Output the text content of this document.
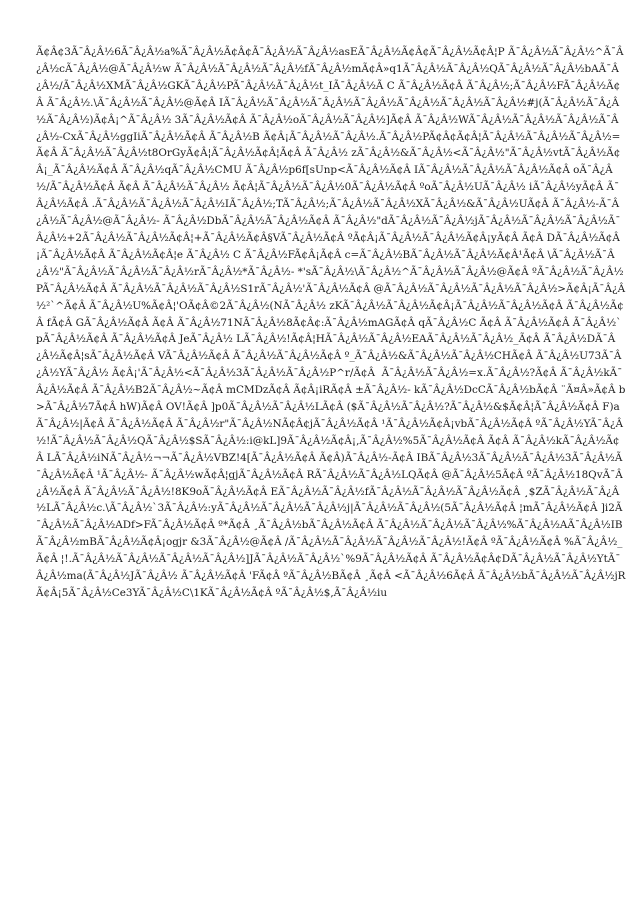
Ã¢Â¢3Ã¯Â¿Â½6Ã¯Â¿Â½a%Ã¯Â¿Â½Ã¢Â¢Ã¯Â¿Â½Ã¯Â¿Â½asEÃ¯Â¿Â½Ã¢Â¢Ã¯Â¿Â½Ã¢Â¦P Ã¯Â¿Â½Ã¯Â¿Â½^Ã¯Â¿Â½cÃ¯Â¿Â½@Ã¯Â¿Â½w Ã¯Â¿Â½Ã¯Â¿Â½Ã¯Â¿Â½fÃ¯Â¿Â½mÃ¢Â»q1Ã¯Â¿Â½Ã¯Â¿Â½QÃ¯Â¿Â½Ã¯Â¿Â½bAÃ¯Â¿Â½/Ã¯Â¿Â½XMÃ¯Â¿Â½GKÃ¯Â¿Â½PÃ¯Â¿Â½Ã¯Â¿Â½t_IÃ¯Â¿Â½Ã C Ã¯Â¿Â½Ã¢Â Ã¯Â¿Â½;Ã¯Â¿Â½FÃ¯Â¿Â½Ã¢Â Ã¯Â¿Â½.\Ã¯Â¿Â½Ã¯Â¿Â½@Ã¢Â IÃ¯Â¿Â½Ã¯Â¿Â½Ã¯Â¿Â½Ã¯Â¿Â½Ã¯Â¿Â½Ã¯Â¿Â½Ã¯Â¿Â½#j(Ã¯Â¿Â½Ã¯Â¿Â½Ã¯Â¿Â½)Ã¢Â¡^Ã¯Â¿Â½ 3Ã¯Â¿Â½Ã¢Â Ã¯Â¿Â½oÃ¯Â¿Â½Ã¯Â¿Â½]Ã¢Â Ã¯Â¿Â½WÃ¯Â¿Â½Ã¯Â¿Â½Ã¯Â¿Â½Ã¯Â¿Â½-CxÃ¯Â¿Â½ggIiÃ¯Â¿Â½Ã¢Â Ã¯Â¿Â½B Ã¢Â¡Ã¯Â¿Â½Ã¯Â¿Â½.Ã¯Â¿Â½PÃ¢Â¢Ã¢Â¦Ã¯Â¿Â½Ã¯Â¿Â½Ã¯Â¿Â½=Ã¢Â Ã¯Â¿Â½Ã¯Â¿Â½t8OrGyÃ¢Â¦Ã¯Â¿Â½Ã¢Â¦Ã¢Â Ã¯Â¿Â½ zÃ¯Â¿Â½&Ã¯Â¿Â½<Ã¯Â¿Â½"Ã¯Â¿Â½vtÃ¯Â¿Â½Ã¢Â¡_Ã¯Â¿Â½Ã¢Â Ã¯Â¿Â½qÃ¯Â¿Â½CMU Ã¯Â¿Â½p6f[sUnp<Ã¯Â¿Â½Ã¢Â IÃ¯Â¿Â½Ã¯Â¿Â½Ã¯Â¿Â½Ã¢Â oÃ¯Â¿Â½/Ã¯Â¿Â½Ã¢Â Ã¢Â Ã¯Â¿Â½Ã¯Â¿Â½ Ã¢Â¦Ã¯Â¿Â½Ã¯Â¿Â½0Ã¯Â¿Â½Ã¢Â ºoÃ¯Â¿Â½UÃ¯Â¿Â½ iÃ¯Â¿Â½yÃ¢Â Ã¯Â¿Â½Ã¢Â .Ã¯Â¿Â½Ã¯Â¿Â½Ã¯Â¿Â½IÃ¯Â¿Â½;TÃ¯Â¿Â½;Ã¯Â¿Â½Ã¯Â¿Â½XÃ¯Â¿Â½&Ã¯Â¿Â½UÃ¢Â Ã¯Â¿Â½-Ã¯Â¿Â½Ã¯Â¿Â½@Ã¯Â¿Â½- Ã¯Â¿Â½DbÃ¯Â¿Â½Ã¯Â¿Â½Ã¢Â Ã¯Â¿Â½"dÃ¯Â¿Â½Ã¯Â¿Â½jÃ¯Â¿Â½Ã¯Â¿Â½Ã¯Â¿Â½Ã¯Â¿Â½+2Ã¯Â¿Â½Ã¯Â¿Â½Ã¢Â¦+Ã¯Â¿Â½Ã¢Â§VÃ¯Â¿Â½Ã¢Â ºÃ¢Â¡Ã¯Â¿Â½Ã¯Â¿Â½Ã¢Â¡yÃ¢Â Ã¢Â DÃ¯Â¿Â½Ã¢Â¡Ã¯Â¿Â½Ã¢Â Ã¯Â¿Â½Ã¢Â¦e Ã¯Â¿Â½ C Ã¯Â¿Â½FÃ¢Â¡Ã¢Â c=Ã¯Â¿Â½BÃ¯Â¿Â½Ã¯Â¿Â½Ã¢Â¹Ã¢Â \Ã¯Â¿Â½Ã¯Â¿Â½"Ã¯Â¿Â½Ã¯Â¿Â½Ã¯Â¿Â½rÃ¯Â¿Â½*Ã¯Â¿Â½- *'sÃ¯Â¿Â½\Ã¯Â¿Â½^Ã¯Â¿Â½Ã¯Â¿Â½@Ã¢Â ºÃ¯Â¿Â½Ã¯Â¿Â½PÃ¯Â¿Â½Ã¢Â Ã¯Â¿Â½Ã¯Â¿Â½Ã¯Â¿Â½S1rÃ¯Â¿Â½'Ã¯Â¿Â½Ã¢Â @Ã¯Â¿Â½Ã¯Â¿Â½Ã¯Â¿Â½Ã¯Â¿Â½>Ã¢Â¡Ã¯Â¿Â½²`^Ã¢Â Ã¯Â¿Â½U%Ã¢Â¦'OÃ¢Â©2Ã¯Â¿Â½(NÃ¯Â¿Â½ zKÃ¯Â¿Â½Ã¯Â¿Â½Ã¢Â¡Ã¯Â¿Â½Ã¯Â¿Â½Ã¢Â Ã¯Â¿Â½Ã¢Â fÃ¢Â GÃ¯Â¿Â½Ã¢Â Ã¢Â Ã¯Â¿Â½71NÃ¯Â¿Â½8Ã¢Â¢:Ã¯Â¿Â½mAGÃ¢Â qÃ¯Â¿Â½C Ã¢Â Ã¯Â¿Â½Ã¢Â Ã¯Â¿Â½`pÃ¯Â¿Â½Ã¢Â Ã¯Â¿Â½Ã¢Â JeÃ¯Â¿Â½ LÃ¯Â¿Â½!Ã¢Â¦HÃ¯Â¿Â½Ã¯Â¿Â½EAÃ¯Â¿Â½Ã¯Â¿Â½_Ã¢Â Ã¯Â¿Â½DÃ¯Â¿Â½Ã¢Â¦sÃ¯Â¿Â½Ã¢Â VÃ¯Â¿Â½Ã¢Â Ã¯Â¿Â½Ã¯Â¿Â½Ã¢Â º_Ã¯Â¿Â½&Ã¯Â¿Â½Ã¯Â¿Â½CHÃ¢Â Ã¯Â¿Â½U73Ã¯Â¿Â½YÃ¯Â¿Â½ Ã¢Â¡'Ã¯Â¿Â½<Ã¯Â¿Â½3Ã¯Â¿Â½Ã¯Â¿Â½P^r/Ã¢Â  Ã¯Â¿Â½Ã¯Â¿Â½=x.Ã¯Â¿Â½?Ã¢Â Ã¯Â¿Â½kÃ¯Â¿Â½Ã¢Â Ã¯Â¿Â½B2Ã¯Â¿Â½~Ã¢Â mCMDzÃ¢Â Ã¢Â¡iRÃ¢Â ±Ã¯Â¿Â½- kÃ¯Â¿Â½DcCÃ¯Â¿Â½bÃ¢Â ¨Ã¤Â»Ã¢Â b>Ã¯Â¿Â½7Ã¢Â hW)Ã¢Â OV!Ã¢Â ]p0Ã¯Â¿Â½Ã¯Â¿Â½LÃ¢Â ($Ã¯Â¿Â½Ã¯Â¿Â½?Ã¯Â¿Â½&$Ã¢Â¦Ã¯Â¿Â½Ã¢Â F)aÃ¯Â¿Â½|Ã¢Â Ã¯Â¿Â½Ã¢Â Ã¯Â¿Â½r"Ã¯Â¿Â½NÃ¢Â¢jÃ¯Â¿Â½Ã¢Â ¹Ã¯Â¿Â½Ã¢Â¡vbÃ¯Â¿Â½Ã¢Â ºÃ¯Â¿Â½YÃ¯Â¿Â½!Ã¯Â¿Â½Ã¯Â¿Â½QÃ¯Â¿Â½$SÃ¯Â¿Â½:i@kL]9Ã¯Â¿Â½Ã¢Â¡,Ã¯Â¿Â½%5Ã¯Â¿Â½Ã¢Â Ã¢Â Ã¯Â¿Â½kÃ¯Â¿Â½Ã¢Â LÃ¯Â¿Â½iNÃ¯Â¿Â½¬¬Ã¯Â¿Â½VBZ!4[Ã¯Â¿Â½Ã¢Â Ã¢Â)Ã¯Â¿Â½-Ã¢Â IBÃ¯Â¿Â½3Ã¯Â¿Â½Ã¯Â¿Â½3Ã¯Â¿Â½Ã¯Â¿Â½Ã¢Â ¹Ã¯Â¿Â½- Ã¯Â¿Â½wÃ¢Â¦gjÃ¯Â¿Â½Ã¢Â RÃ¯Â¿Â½Ã¯Â¿Â½LQÃ¢Â @Ã¯Â¿Â½5Ã¢Â ºÃ¯Â¿Â½18QvÃ¯Â¿Â½Ã¢Â Ã¯Â¿Â½Ã¯Â¿Â½!8K9oÃ¯Â¿Â½Ã¢Â EÃ¯Â¿Â½Ã¯Â¿Â½fÃ¯Â¿Â½Ã¯Â¿Â½Ã¯Â¿Â½Ã¢Â ¸$ZÃ¯Â¿Â½Ã¯Â¿Â½LÃ¯Â¿Â½c.\Ã¯Â¿Â½`3Ã¯Â¿Â½:yÃ¯Â¿Â½Ã¯Â¿Â½Ã¯Â¿Â½j|Ã¯Â¿Â½Ã¯Â¿Â½(5Ã¯Â¿Â½Ã¢Â ¦mÃ¯Â¿Â½Ã¢Â ]i2Ã¯Â¿Â½Ã¯Â¿Â½ADf>FÃ¯Â¿Â½Ã¢Â º*Ã¢Â ¸Ã¯Â¿Â½bÃ¯Â¿Â½Ã¢Â Ã¯Â¿Â½Ã¯Â¿Â½Ã¯Â¿Â½%Ã¯Â¿Â½AÃ¯Â¿Â½IBÃ¯Â¿Â½mBÃ¯Â¿Â½Ã¢Â¡ogjr &3Ã¯Â¿Â½@Ã¢Â /Ã¯Â¿Â½Ã¯Â¿Â½Ã¯Â¿Â½Ã¯Â¿Â½!Ã¢Â ºÃ¯Â¿Â½Ã¢Â %Ã¯Â¿Â½_Ã¢Â ¦!.Ã¯Â¿Â½Ã¯Â¿Â½Ã¯Â¿Â½Ã¯Â¿Â½]JÃ¯Â¿Â½Ã¯Â¿Â½`%9Ã¯Â¿Â½Ã¢Â Ã¯Â¿Â½Ã¢Â¢DÃ¯Â¿Â½Ã¯Â¿Â½YtÃ¯Â¿Â½ma(Ã¯Â¿Â½JÃ¯Â¿Â½ Ã¯Â¿Â½Ã¢Â 'FÃ¢Â ºÃ¯Â¿Â½BÃ¢Â ¸Ã¢Â <Ã¯Â¿Â½6Ã¢Â Ã¯Â¿Â½bÃ¯Â¿Â½Ã¯Â¿Â½jRÃ¢Â¡5Ã¯Â¿Â½Ce3YÃ¯Â¿Â½C\1KÃ¯Â¿Â½Ã¢Â ºÃ¯Â¿Â½$,Ã¯Â¿Â½iu
